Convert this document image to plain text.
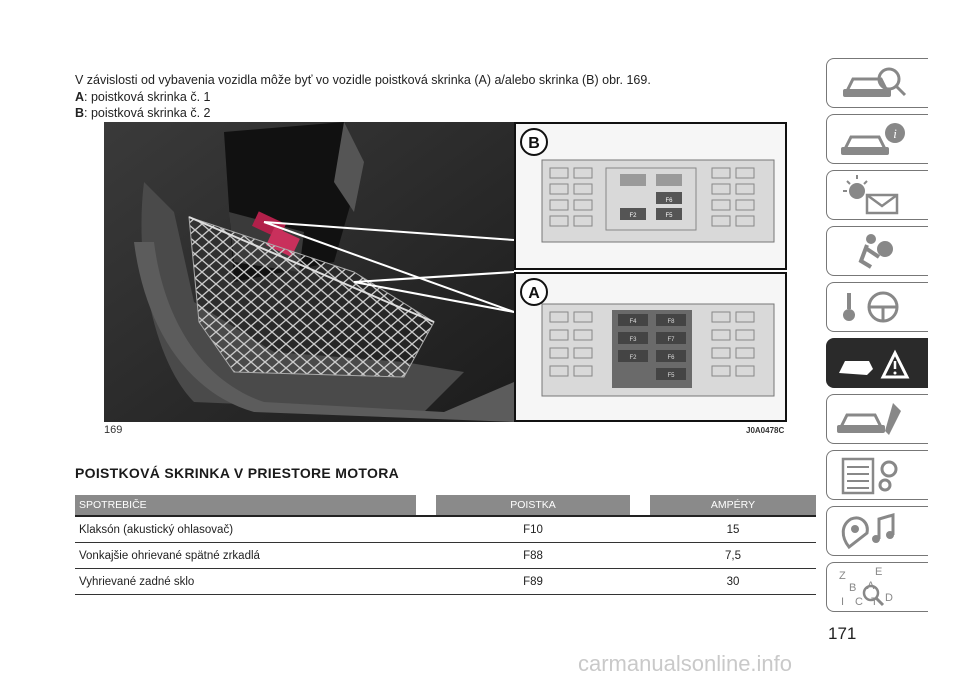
V závislosti od vybavenia vozidla môže byť vo vozidle poistková skrinka (A) a/alebo skrinka (B) obr. 169.
A: poistková skrinka č. 1
B: poistková skrinka č. 2
B
F6
F2	F5
A
F4	F8
F3	F7
F2	F6
F5
169	J0A0478C
POISTKOVÁ SKRINKA V PRIESTORE MOTORA
SPOTREBIČE		POISTKA		AMPÉRY
Klaksón (akustický ohlasovač)		F10		15
Vonkajšie ohrievané spätné zrkadlá		F88		7,5
Vyhrievané zadné sklo		F89		30
i
Z	E
B A
I C T D
171
carmanualsonline.info
